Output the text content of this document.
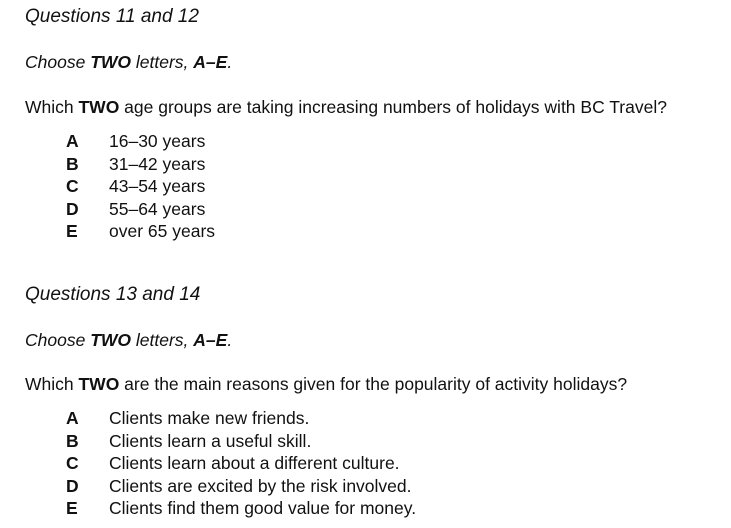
Questions 11 and 12
Choose TWO letters, A–E.
Which TWO age groups are taking increasing numbers of holidays with BC Travel?
A 16–30 years
B 31–42 years
C 43–54 years
D 55–64 years
E over 65 years
Questions 13 and 14
Choose TWO letters, A–E.
Which TWO are the main reasons given for the popularity of activity holidays?
A Clients make new friends.
B Clients learn a useful skill.
C Clients learn about a different culture.
D Clients are excited by the risk involved.
E Clients find them good value for money.
